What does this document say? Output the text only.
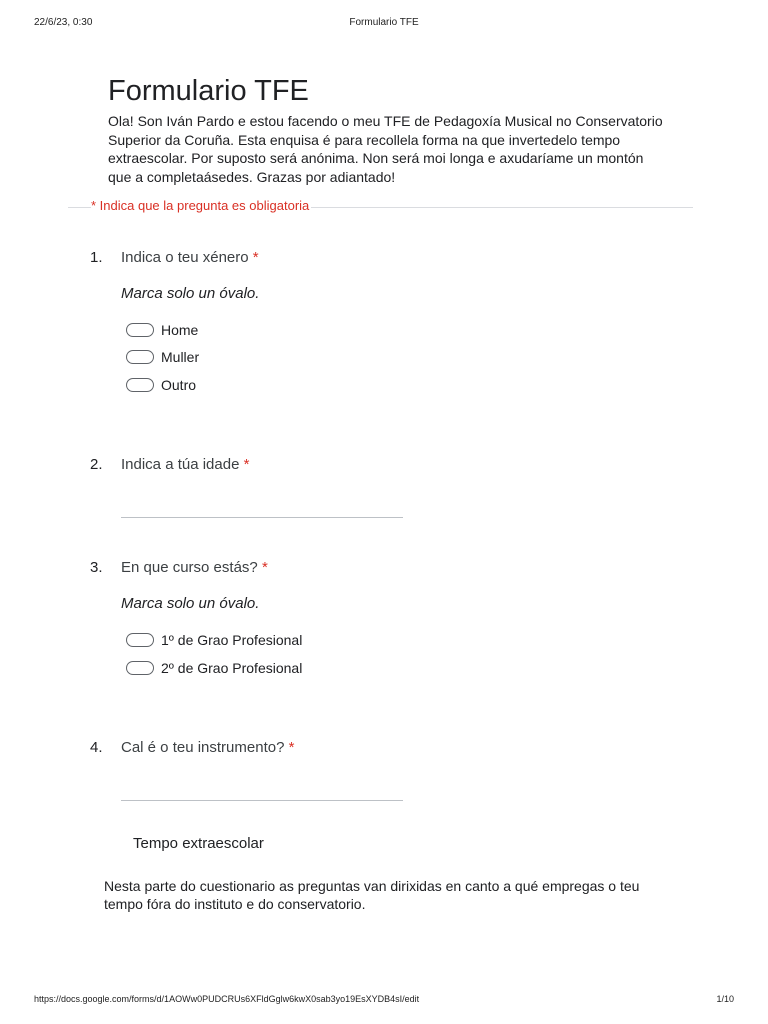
22/6/23, 0:30	Formulario TFE
Formulario TFE
Ola! Son Iván Pardo e estou facendo o meu TFE de Pedagoxía Musical no Conservatorio Superior da Coruña. Esta enquisa é para recollela forma na que invertedelo tempo extraescolar. Por suposto será anónima. Non será moi longa e axudaríame un montón que a completaásedes. Grazas por adiantado!
* Indica que la pregunta es obligatoria
1. Indica o teu xénero *
Marca solo un óvalo.
Home
Muller
Outro
2. Indica a túa idade *
3. En que curso estás? *
Marca solo un óvalo.
1º de Grao Profesional
2º de Grao Profesional
4. Cal é o teu instrumento? *
Tempo extraescolar
Nesta parte do cuestionario as preguntas van dirixidas en canto a qué empregas o teu tempo fóra do instituto e do conservatorio.
https://docs.google.com/forms/d/1AOWw0PUDCRUs6XFldGglw6kwX0sab3yo19EsXYDB4sI/edit	1/10
